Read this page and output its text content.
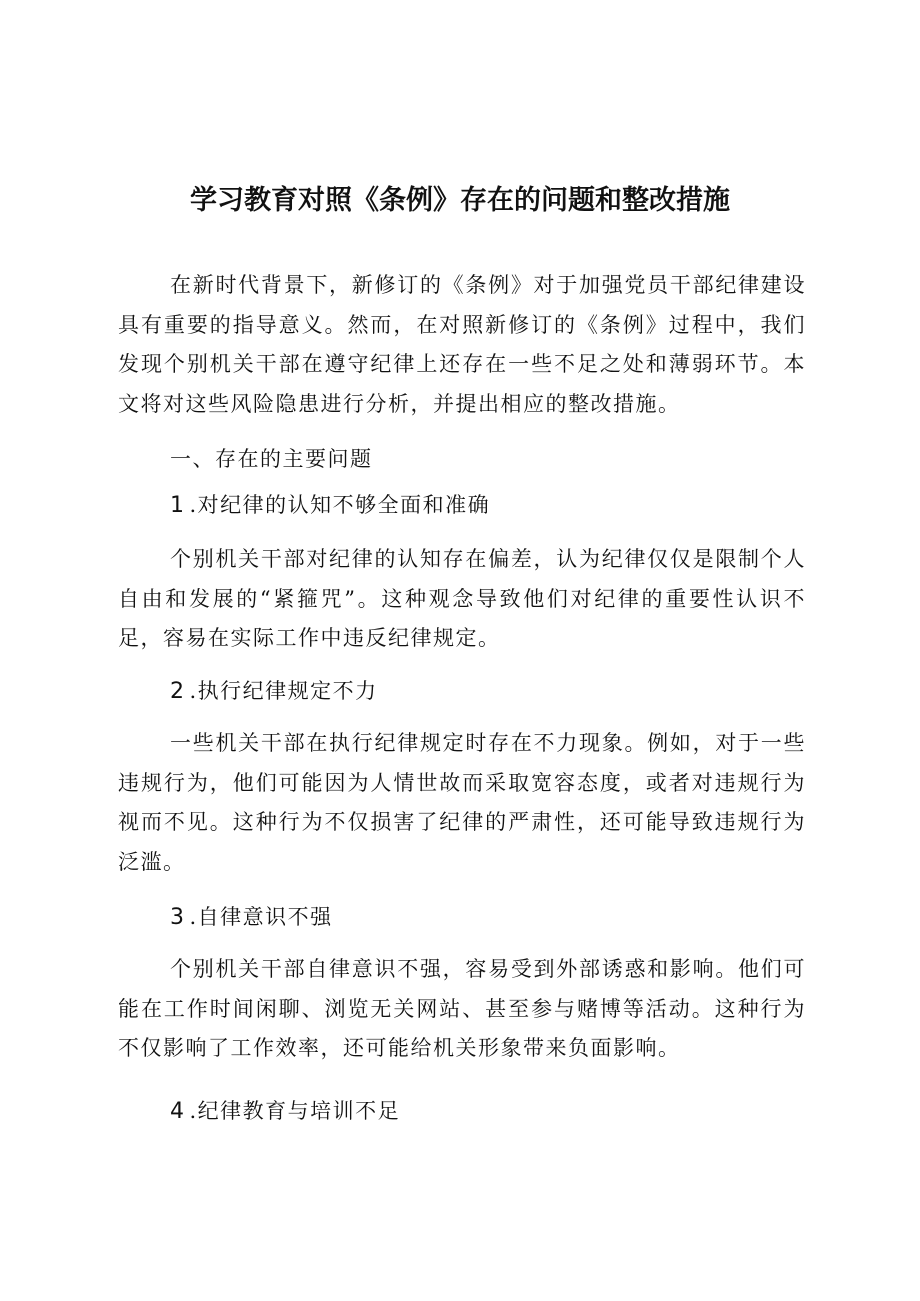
学习教育对照《条例》存在的问题和整改措施

在新时代背景下，新修订的《条例》对于加强党员干部纪律建设具有重要的指导意义。然而，在对照新修订的《条例》过程中，我们发现个别机关干部在遵守纪律上还存在一些不足之处和薄弱环节。本文将对这些风险隐患进行分析，并提出相应的整改措施。

一、存在的主要问题

1 .对纪律的认知不够全面和准确

个别机关干部对纪律的认知存在偏差，认为纪律仅仅是限制个人自由和发展的“紧箍咒”。这种观念导致他们对纪律的重要性认识不足，容易在实际工作中违反纪律规定。

2 .执行纪律规定不力

一些机关干部在执行纪律规定时存在不力现象。例如，对于一些违规行为，他们可能因为人情世故而采取宽容态度，或者对违规行为视而不见。这种行为不仅损害了纪律的严肃性，还可能导致违规行为泛滥。

3 .自律意识不强

个别机关干部自律意识不强，容易受到外部诱惑和影响。他们可能在工作时间闲聊、浏览无关网站、甚至参与赌博等活动。这种行为不仅影响了工作效率，还可能给机关形象带来负面影响。

4 .纪律教育与培训不足
